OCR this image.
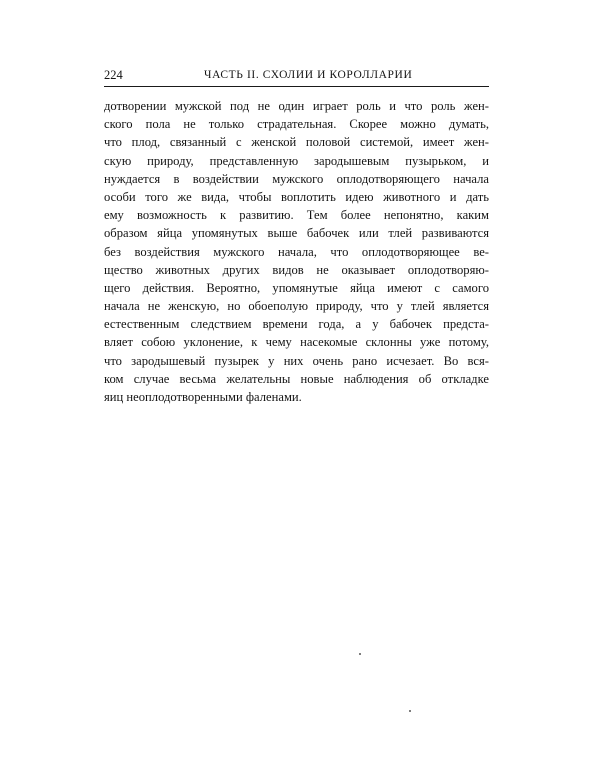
224	ЧАСТЬ II. СХОЛИИ И КОРОЛЛАРИИ
дотворении мужской под не один играет роль и что роль жен-
ского пола не только страдательная. Скорее можно думать,
что плод, связанный с женской половой системой, имеет жен-
скую природу, представленную зародышевым пузырьком, и
нуждается в воздействии мужского оплодотворяющего начала
особи того же вида, чтобы воплотить идею животного и дать
ему возможность к развитию. Тем более непонятно, каким
образом яйца упомянутых выше бабочек или тлей развиваются
без воздействия мужского начала, что оплодотворяющее ве-
щество животных других видов не оказывает оплодотворяю-
щего действия. Вероятно, упомянутые яйца имеют с самого
начала не женскую, но обоеполую природу, что у тлей является
естественным следствием времени года, а у бабочек предста-
вляет собою уклонение, к чему насекомые склонны уже потому,
что зародышевый пузырек у них очень рано исчезает. Во вся-
ком случае весьма желательны новые наблюдения об откладке
яиц неоплодотворенными фаленами.
